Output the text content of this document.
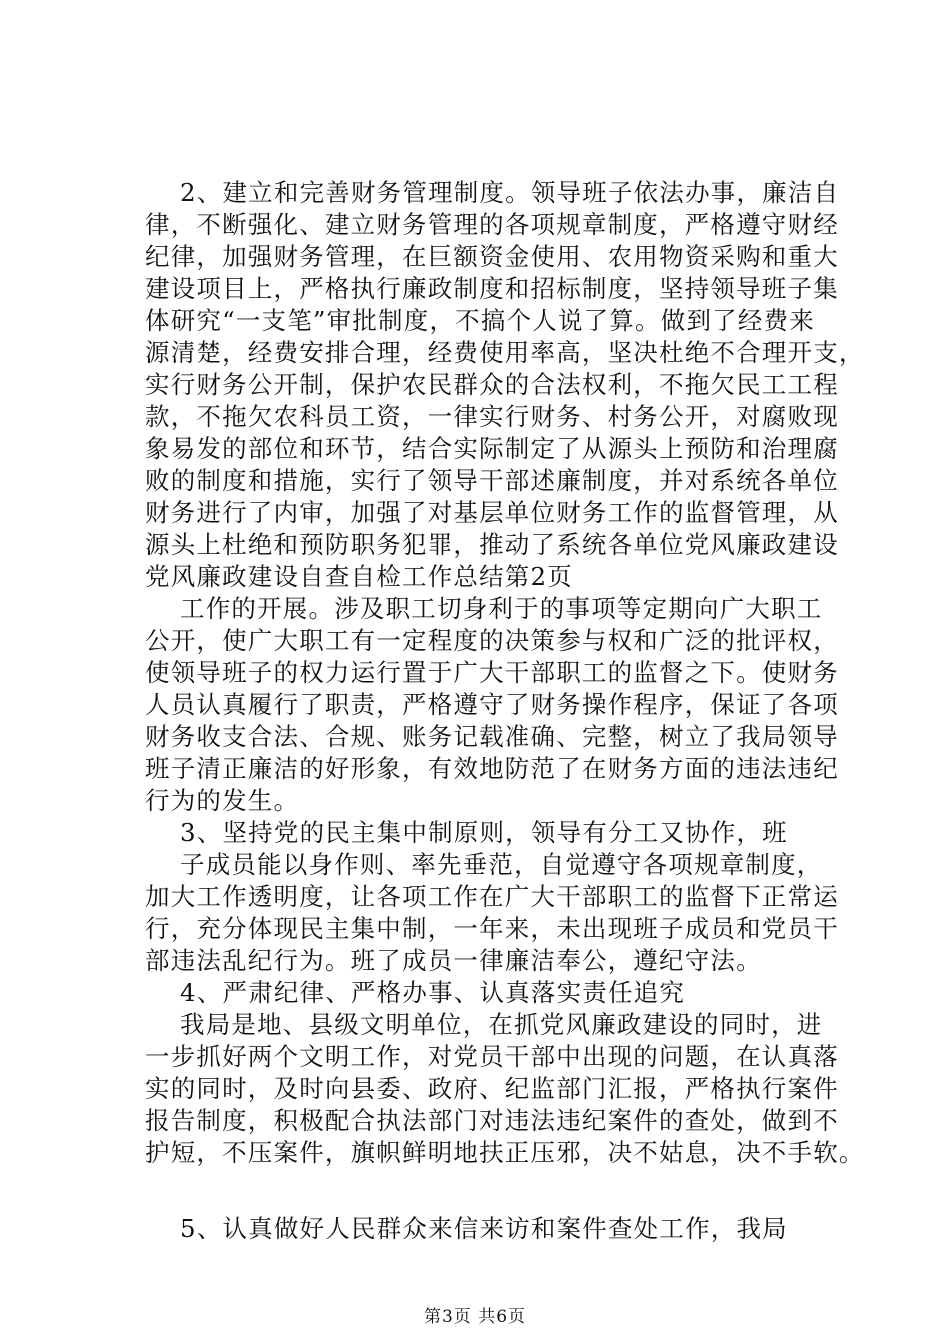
2、建立和完善财务管理制度。领导班子依法办事，廉洁自
律，不断强化、建立财务管理的各项规章制度，严格遵守财经
纪律，加强财务管理，在巨额资金使用、农用物资采购和重大
建设项目上，严格执行廉政制度和招标制度，坚持领导班子集
体研究“一支笔”审批制度，不搞个人说了算。做到了经费来
源清楚，经费安排合理，经费使用率高，坚决杜绝不合理开支，
实行财务公开制，保护农民群众的合法权利，不拖欠民工工程
款，不拖欠农科员工资，一律实行财务、村务公开，对腐败现
象易发的部位和环节，结合实际制定了从源头上预防和治理腐
败的制度和措施，实行了领导干部述廉制度，并对系统各单位
财务进行了内审，加强了对基层单位财务工作的监督管理，从
源头上杜绝和预防职务犯罪，推动了系统各单位党风廉政建设
党风廉政建设自查自检工作总结第2页
工作的开展。涉及职工切身利于的事项等定期向广大职工
公开，使广大职工有一定程度的决策参与权和广泛的批评权，
使领导班子的权力运行置于广大干部职工的监督之下。使财务
人员认真履行了职责，严格遵守了财务操作程序，保证了各项
财务收支合法、合规、账务记载准确、完整，树立了我局领导
班子清正廉洁的好形象，有效地防范了在财务方面的违法违纪
行为的发生。
3、坚持党的民主集中制原则，领导有分工又协作，班
子成员能以身作则、率先垂范，自觉遵守各项规章制度，
加大工作透明度，让各项工作在广大干部职工的监督下正常运
行，充分体现民主集中制，一年来，未出现班子成员和党员干
部违法乱纪行为。班了成员一律廉洁奉公，遵纪守法。
4、严肃纪律、严格办事、认真落实责任追究
我局是地、县级文明单位，在抓党风廉政建设的同时，进
一步抓好两个文明工作，对党员干部中出现的问题，在认真落
实的同时，及时向县委、政府、纪监部门汇报，严格执行案件
报告制度，积极配合执法部门对违法违纪案件的查处，做到不
护短，不压案件，旗帜鲜明地扶正压邪，决不姑息，决不手软。
5、认真做好人民群众来信来访和案件查处工作，我局
第3页 共6页
